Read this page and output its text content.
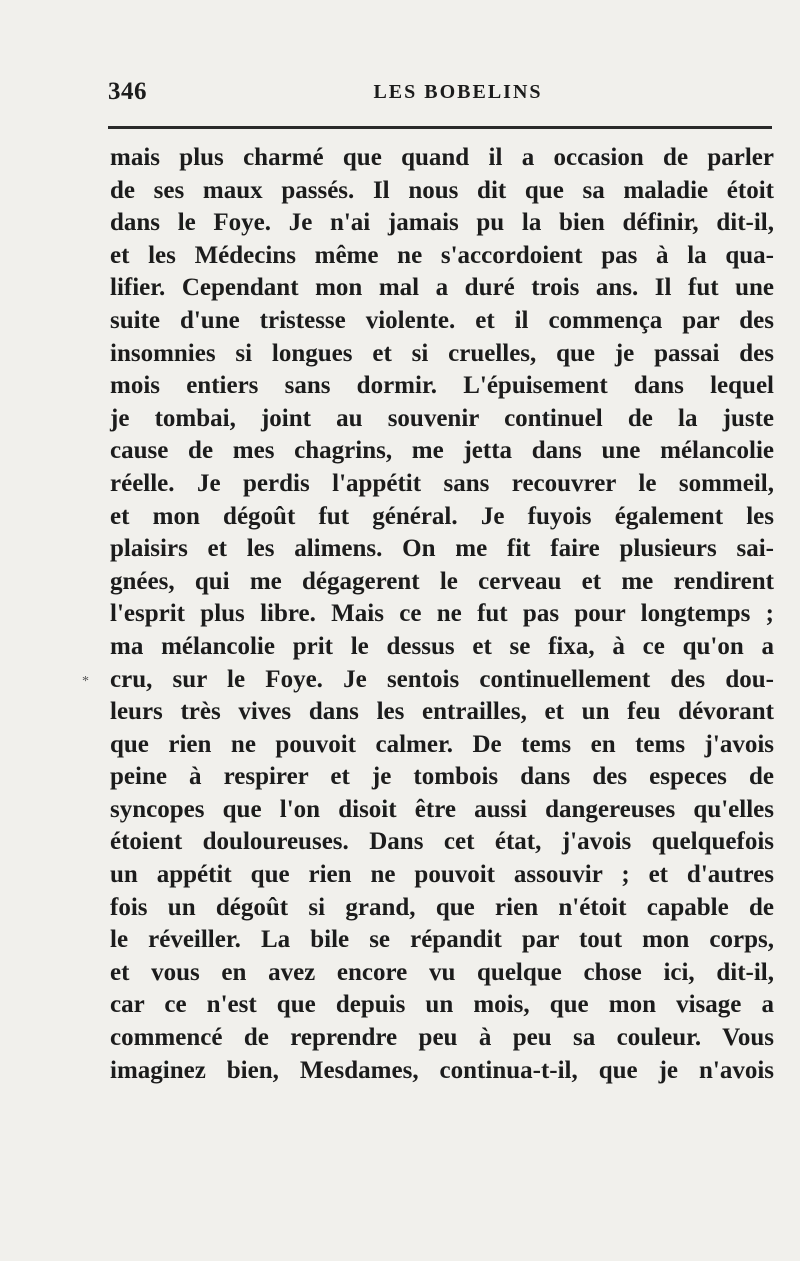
346	LES BOBELINS
*
mais plus charmé que quand il a occasion de parler
de ses maux passés. Il nous dit que sa maladie étoit
dans le Foye. Je n'ai jamais pu la bien définir, dit-il,
et les Médecins même ne s'accordoient pas à la qua-
lifier. Cependant mon mal a duré trois ans. Il fut une
suite d'une tristesse violente. et il commença par des
insomnies si longues et si cruelles, que je passai des
mois entiers sans dormir. L'épuisement dans lequel
je tombai, joint au souvenir continuel de la juste
cause de mes chagrins, me jetta dans une mélancolie
réelle. Je perdis l'appétit sans recouvrer le sommeil,
et mon dégoût fut général. Je fuyois également les
plaisirs et les alimens. On me fit faire plusieurs sai-
gnées, qui me dégagerent le cerveau et me rendirent
l'esprit plus libre. Mais ce ne fut pas pour longtemps ;
ma mélancolie prit le dessus et se fixa, à ce qu'on a
cru, sur le Foye. Je sentois continuellement des dou-
leurs très vives dans les entrailles, et un feu dévorant
que rien ne pouvoit calmer. De tems en tems j'avois
peine à respirer et je tombois dans des especes de
syncopes que l'on disoit être aussi dangereuses qu'elles
étoient douloureuses. Dans cet état, j'avois quelquefois
un appétit que rien ne pouvoit assouvir ; et d'autres
fois un dégoût si grand, que rien n'étoit capable de
le réveiller. La bile se répandit par tout mon corps,
et vous en avez encore vu quelque chose ici, dit-il,
car ce n'est que depuis un mois, que mon visage a
commencé de reprendre peu à peu sa couleur. Vous
imaginez bien, Mesdames, continua-t-il, que je n'avois
